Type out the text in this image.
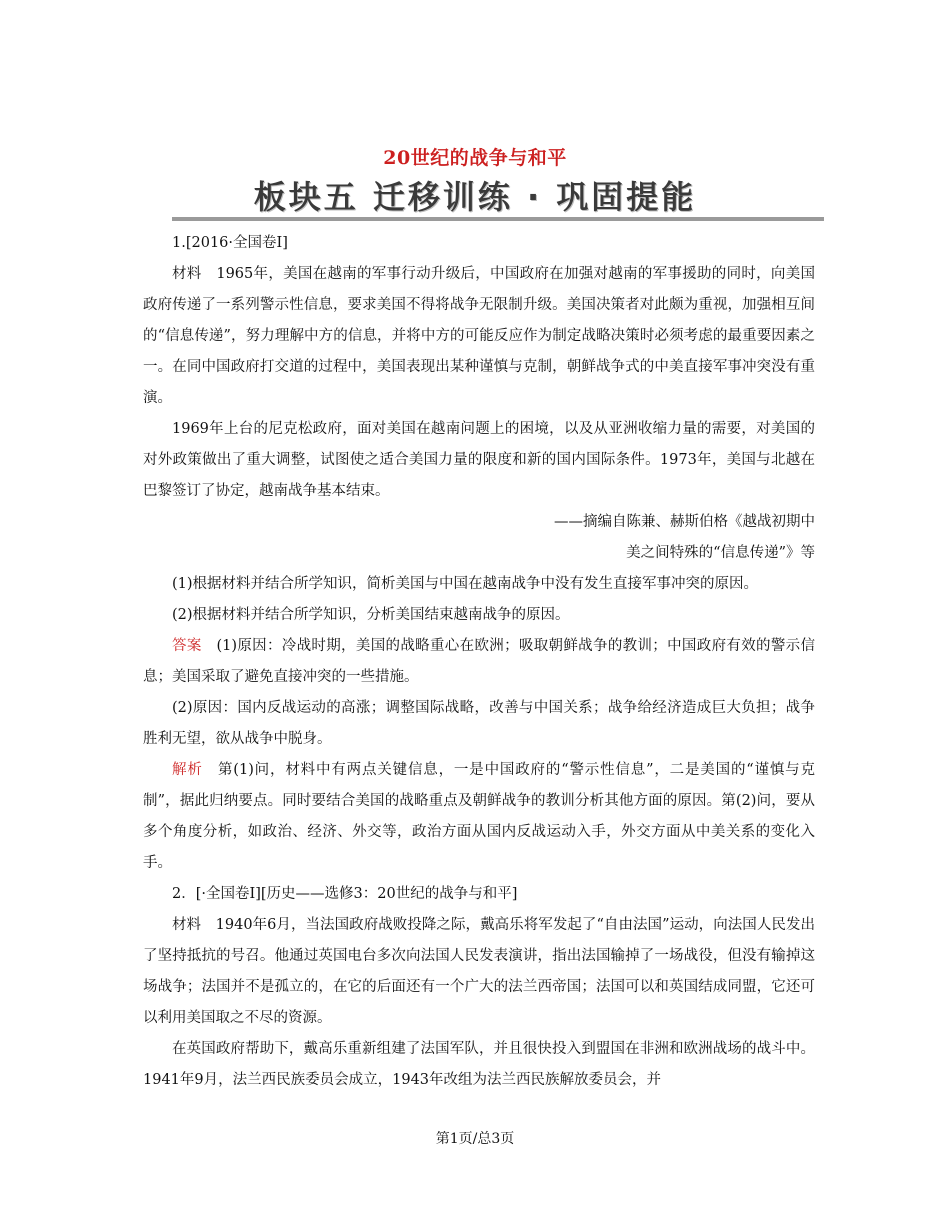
20世纪的战争与和平
板块五 迁移训练 · 巩固提能

1.[2016·全国卷Ⅰ]

材料　1965年，美国在越南的军事行动升级后，中国政府在加强对越南的军事援助的同时，向美国政府传递了一系列警示性信息，要求美国不得将战争无限制升级。美国决策者对此颇为重视，加强相互间的“信息传递”，努力理解中方的信息，并将中方的可能反应作为制定战略决策时必须考虑的最重要因素之一。在同中国政府打交道的过程中，美国表现出某种谨慎与克制，朝鲜战争式的中美直接军事冲突没有重演。

1969年上台的尼克松政府，面对美国在越南问题上的困境，以及从亚洲收缩力量的需要，对美国的对外政策做出了重大调整，试图使之适合美国力量的限度和新的国内国际条件。1973年，美国与北越在巴黎签订了协定，越南战争基本结束。

——摘编自陈兼、赫斯伯格《越战初期中

美之间特殊的“信息传递”》等

(1)根据材料并结合所学知识，简析美国与中国在越南战争中没有发生直接军事冲突的原因。

(2)根据材料并结合所学知识，分析美国结束越南战争的原因。

答案　(1)原因：冷战时期，美国的战略重心在欧洲；吸取朝鲜战争的教训；中国政府有效的警示信息；美国采取了避免直接冲突的一些措施。

(2)原因：国内反战运动的高涨；调整国际战略，改善与中国关系；战争给经济造成巨大负担；战争胜利无望，欲从战争中脱身。

解析　第(1)问，材料中有两点关键信息，一是中国政府的“警示性信息”，二是美国的“谨慎与克制”，据此归纳要点。同时要结合美国的战略重点及朝鲜战争的教训分析其他方面的原因。第(2)问，要从多个角度分析，如政治、经济、外交等，政治方面从国内反战运动入手，外交方面从中美关系的变化入手。

2．[·全国卷Ⅰ][历史——选修3：20世纪的战争与和平]

材料　1940年6月，当法国政府战败投降之际，戴高乐将军发起了“自由法国”运动，向法国人民发出了坚持抵抗的号召。他通过英国电台多次向法国人民发表演讲，指出法国输掉了一场战役，但没有输掉这场战争；法国并不是孤立的，在它的后面还有一个广大的法兰西帝国；法国可以和英国结成同盟，它还可以利用美国取之不尽的资源。

在英国政府帮助下，戴高乐重新组建了法国军队，并且很快投入到盟国在非洲和欧洲战场的战斗中。1941年9月，法兰西民族委员会成立，1943年改组为法兰西民族解放委员会，并

第1页/总3页
